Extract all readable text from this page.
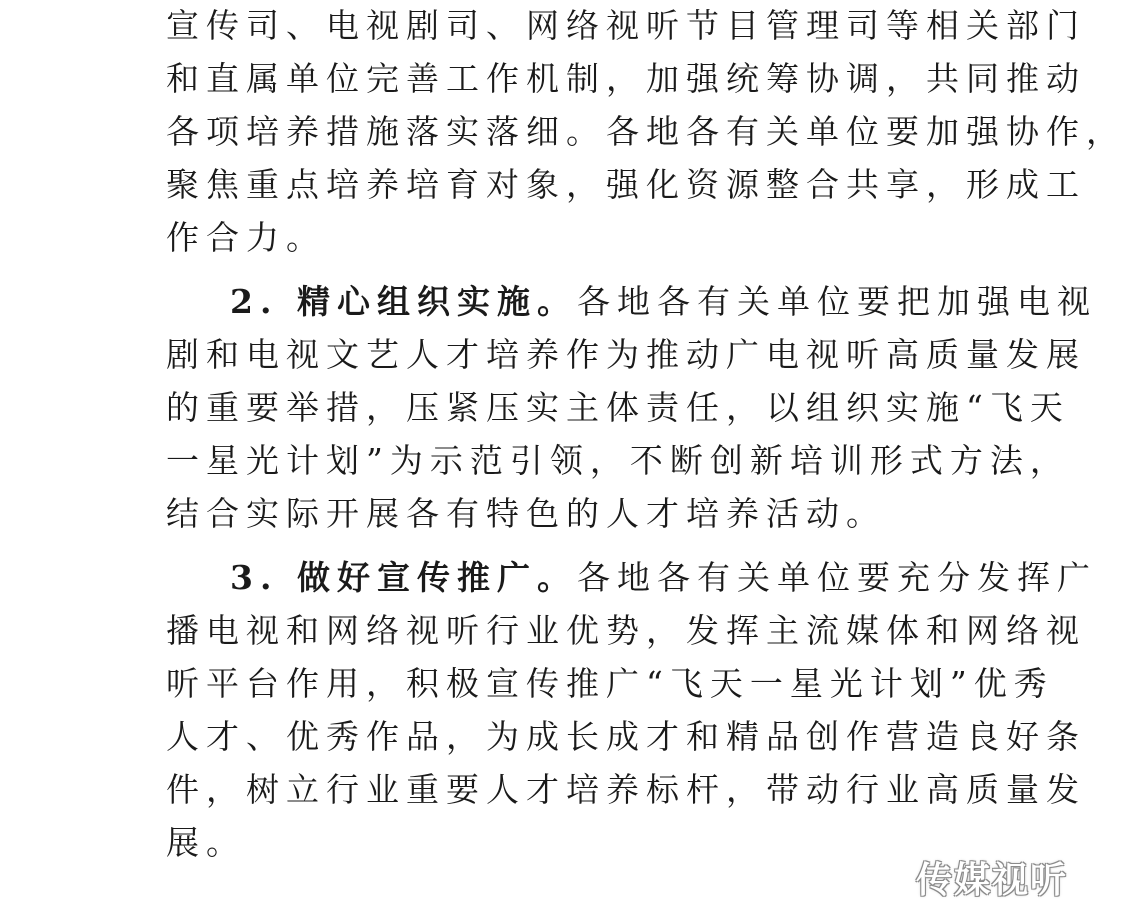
宣传司、电视剧司、网络视听节目管理司等相关部门
和直属单位完善工作机制，加强统筹协调，共同推动
各项培养措施落实落细。各地各有关单位要加强协作，
聚焦重点培养培育对象，强化资源整合共享，形成工
作合力。
2. 精心组织实施。各地各有关单位要把加强电视
剧和电视文艺人才培养作为推动广电视听高质量发展
的重要举措，压紧压实主体责任，以组织实施“飞天
一星光计划”为示范引领，不断创新培训形式方法，
结合实际开展各有特色的人才培养活动。
3. 做好宣传推广。各地各有关单位要充分发挥广
播电视和网络视听行业优势，发挥主流媒体和网络视
听平台作用，积极宣传推广“飞天一星光计划”优秀
人才、优秀作品，为成长成才和精品创作营造良好条
件，树立行业重要人才培养标杆，带动行业高质量发
展。
传媒视听
